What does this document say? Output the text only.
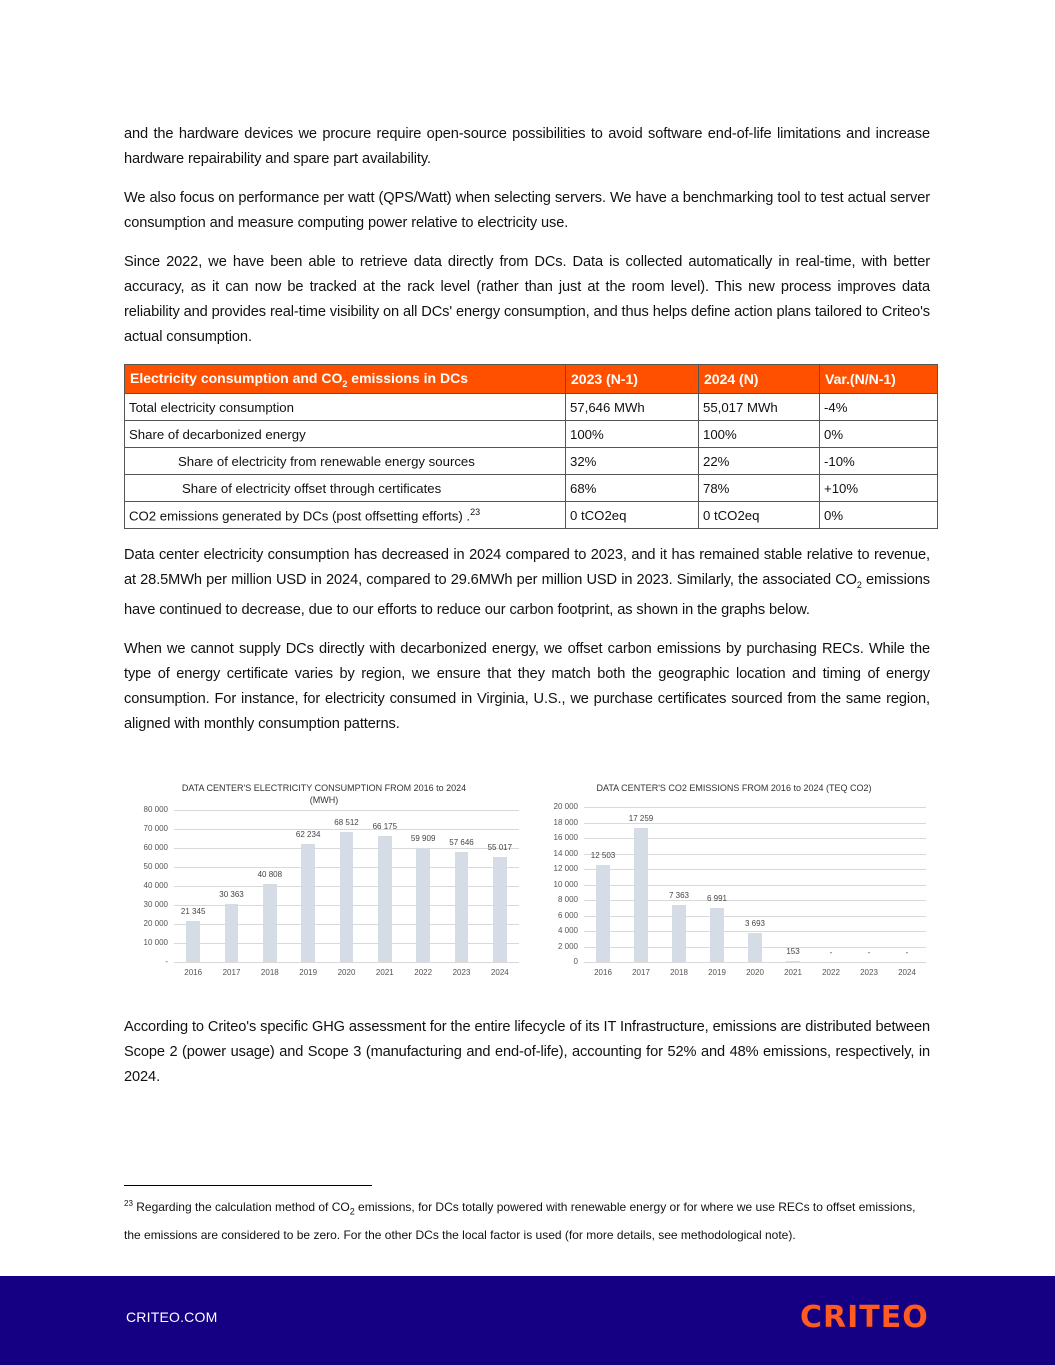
and the hardware devices we procure require open-source possibilities to avoid software end-of-life limitations and increase hardware repairability and spare part availability.

We also focus on performance per watt (QPS/Watt) when selecting servers. We have a benchmarking tool to test actual server consumption and measure computing power relative to electricity use.

Since 2022, we have been able to retrieve data directly from DCs. Data is collected automatically in real-time, with better accuracy, as it can now be tracked at the rack level (rather than just at the room level). This new process improves data reliability and provides real-time visibility on all DCs' energy consumption, and thus helps define action plans tailored to Criteo's actual consumption.

Electricity consumption and $CO_2$ emissions in DCs	2023 (N-1)	2024 (N)	Var.(N/N-1)
Total electricity consumption	57,646 MWh	55,017 MWh	-4%
Share of decarbonized energy	100%	100%	0%
Share of electricity from renewable energy sources	32%	22%	-10%
Share of electricity offset through certificates	68%	78%	+10%
CO2 emissions generated by DCs (post offsetting efforts) .$^{23}$	0 tCO2eq	0 tCO2eq	0%

Data center electricity consumption has decreased in 2024 compared to 2023, and it has remained stable relative to revenue, at 28.5MWh per million USD in 2024, compared to 29.6MWh per million USD in 2023. Similarly, the associated $CO_2$ emissions have continued to decrease, due to our efforts to reduce our carbon footprint, as shown in the graphs below.

When we cannot supply DCs directly with decarbonized energy, we offset carbon emissions by purchasing RECs. While the type of energy certificate varies by region, we ensure that they match both the geographic location and timing of energy consumption. For instance, for electricity consumed in Virginia, U.S., we purchase certificates sourced from the same region, aligned with monthly consumption patterns.

DATA CENTER'S ELECTRICITY CONSUMPTION FROM 2016 to 2024
(MWH)
-
10 000
20 000
30 000
40 000
50 000
60 000
70 000
80 000
21 345
2016
30 363
2017
40 808
2018
62 234
2019
68 512
2020
66 175
2021
59 909
2022
57 646
2023
55 017
2024
DATA CENTER'S CO2 EMISSIONS FROM 2016 to 2024 (TEQ CO2)
0
2 000
4 000
6 000
8 000
10 000
12 000
14 000
16 000
18 000
20 000
12 503
2016
17 259
2017
7 363
2018
6 991
2019
3 693
2020
153
2021
-
2022
-
2023
-
2024

According to Criteo's specific GHG assessment for the entire lifecycle of its IT Infrastructure, emissions are distributed between Scope 2 (power usage) and Scope 3 (manufacturing and end-of-life), accounting for 52% and 48% emissions, respectively, in 2024.

$^{23}$ Regarding the calculation method of $CO_2$ emissions, for DCs totally powered with renewable energy or for where we use RECs to offset emissions, the emissions are considered to be zero. For the other DCs the local factor is used (for more details, see methodological note).
CRITEO.COM	CRITEO
